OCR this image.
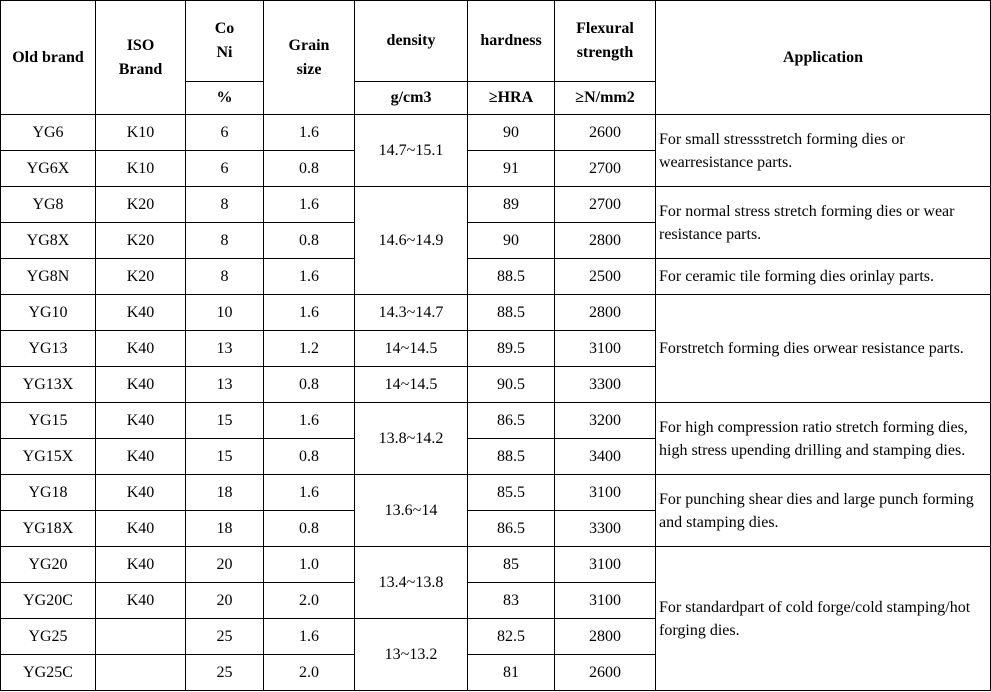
Old brand	ISO Brand	Co Ni	Grain size	density	hardness	Flexural strength	Application
		%		g/cm3	≥HRA	≥N/mm2	
YG6	K10	6	1.6	14.7~15.1	90	2600	For small stressstretch forming dies or wearresistance parts.
YG6X	K10	6	0.8		91	2700	
YG8	K20	8	1.6	14.6~14.9	89	2700	For normal stress stretch forming dies or wear resistance parts.
YG8X	K20	8	0.8		90	2800	
YG8N	K20	8	1.6		88.5	2500	For ceramic tile forming dies orinlay parts.
YG10	K40	10	1.6	14.3~14.7	88.5	2800	Forstretch forming dies orwear resistance parts.
YG13	K40	13	1.2	14~14.5	89.5	3100	
YG13X	K40	13	0.8	14~14.5	90.5	3300	
YG15	K40	15	1.6	13.8~14.2	86.5	3200	For high compression ratio stretch forming dies, high stress upending drilling and stamping dies.
YG15X	K40	15	0.8		88.5	3400	
YG18	K40	18	1.6	13.6~14	85.5	3100	For punching shear dies and large punch forming and stamping dies.
YG18X	K40	18	0.8		86.5	3300	
YG20	K40	20	1.0	13.4~13.8	85	3100	For standardpart of cold forge/cold stamping/hot forging dies.
YG20C	K40	20	2.0		83	3100	
YG25		25	1.6	13~13.2	82.5	2800	
YG25C		25	2.0		81	2600	
